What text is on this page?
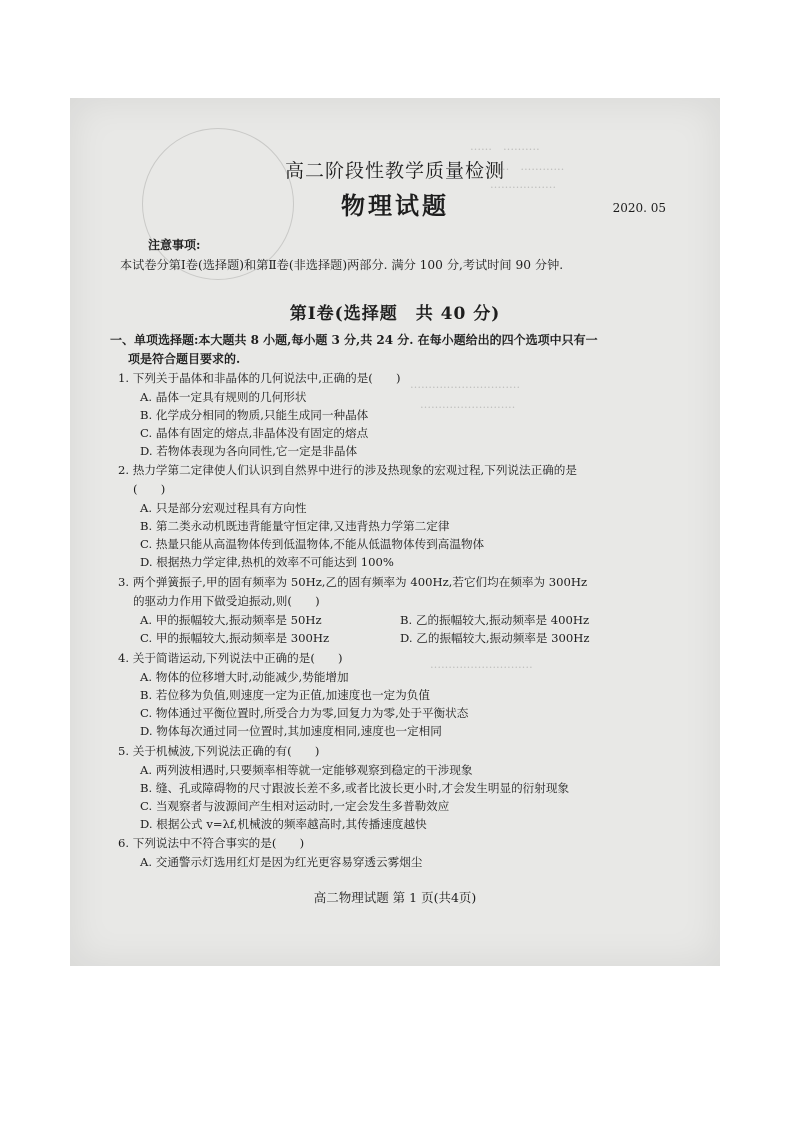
‥‥‥　‥‥‥‥‥
‥‥‥‥　‥‥‥‥‥‥
‥‥‥‥‥‥‥‥‥
‥‥‥‥‥‥‥‥‥‥‥‥‥‥‥
‥‥‥‥‥‥‥‥‥‥‥‥‥
‥‥‥‥‥‥‥‥‥‥‥‥‥‥
高二阶段性教学质量检测
物理试题	2020. 05
注意事项:
本试卷分第Ⅰ卷(选择题)和第Ⅱ卷(非选择题)两部分. 满分 100 分,考试时间 90 分钟.
第Ⅰ卷(选择题　共 40 分)
一、单项选择题:本大题共 8 小题,每小题 3 分,共 24 分. 在每小题给出的四个选项中只有一
项是符合题目要求的.
1. 下列关于晶体和非晶体的几何说法中,正确的是(　　)
A. 晶体一定具有规则的几何形状
B. 化学成分相同的物质,只能生成同一种晶体
C. 晶体有固定的熔点,非晶体没有固定的熔点
D. 若物体表现为各向同性,它一定是非晶体
2. 热力学第二定律使人们认识到自然界中进行的涉及热现象的宏观过程,下列说法正确的是
(　　)
A. 只是部分宏观过程具有方向性
B. 第二类永动机既违背能量守恒定律,又违背热力学第二定律
C. 热量只能从高温物体传到低温物体,不能从低温物体传到高温物体
D. 根据热力学定律,热机的效率不可能达到 100%
3. 两个弹簧振子,甲的固有频率为 50Hz,乙的固有频率为 400Hz,若它们均在频率为 300Hz
的驱动力作用下做受迫振动,则(　　)
A. 甲的振幅较大,振动频率是 50Hz	B. 乙的振幅较大,振动频率是 400Hz
C. 甲的振幅较大,振动频率是 300Hz	D. 乙的振幅较大,振动频率是 300Hz
4. 关于简谐运动,下列说法中正确的是(　　)
A. 物体的位移增大时,动能减少,势能增加
B. 若位移为负值,则速度一定为正值,加速度也一定为负值
C. 物体通过平衡位置时,所受合力为零,回复力为零,处于平衡状态
D. 物体每次通过同一位置时,其加速度相同,速度也一定相同
5. 关于机械波,下列说法正确的有(　　)
A. 两列波相遇时,只要频率相等就一定能够观察到稳定的干涉现象
B. 缝、孔或障碍物的尺寸跟波长差不多,或者比波长更小时,才会发生明显的衍射现象
C. 当观察者与波源间产生相对运动时,一定会发生多普勒效应
D. 根据公式 v=λf,机械波的频率越高时,其传播速度越快
6. 下列说法中不符合事实的是(　　)
A. 交通警示灯选用红灯是因为红光更容易穿透云雾烟尘
高二物理试题 第 1 页(共4页)
